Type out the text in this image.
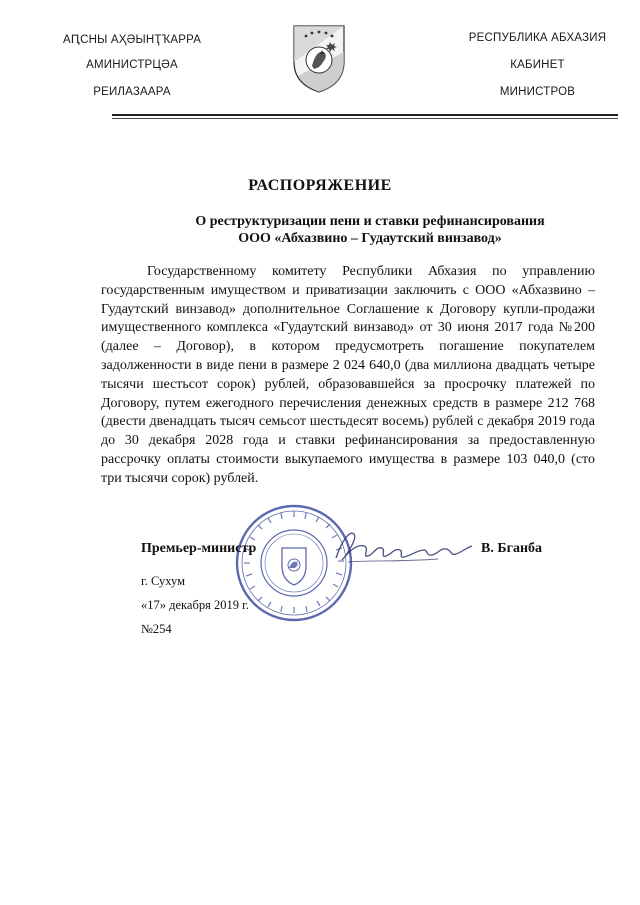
АԤСНЫ АҲӘЫНҬҠАРРА
АМИНИСТРЦӘА
РЕИЛАЗААРА
РЕСПУБЛИКА АБХАЗИЯ
КАБИНЕТ
МИНИСТРОВ
РАСПОРЯЖЕНИЕ
О реструктуризации пени и ставки рефинансирования
ООО «Абхазвино – Гудаутский винзавод»
Государственному комитету Республики Абхазия по управлению государственным имуществом и приватизации заключить с ООО «Абхазвино – Гудаутский винзавод» дополнительное Соглашение к Договору купли-продажи имущественного комплекса «Гудаутский винзавод» от 30 июня 2017 года №200 (далее – Договор), в котором предусмотреть погашение покупателем задолженности в виде пени в размере 2 024 640,0 (два миллиона двадцать четыре тысячи шестьсот сорок) рублей, образовавшейся за просрочку платежей по Договору, путем ежегодного перечисления денежных средств в размере 212 768 (двести двенадцать тысяч семьсот шестьдесят восемь) рублей с декабря 2019 года до 30 декабря 2028 года и ставки рефинансирования за предоставленную рассрочку оплаты стоимости выкупаемого имущества в размере 103 040,0 (сто три тысячи сорок) рублей.
Премьер-министр	В. Бганба
г. Сухум
«17» декабря 2019 г.
№254
